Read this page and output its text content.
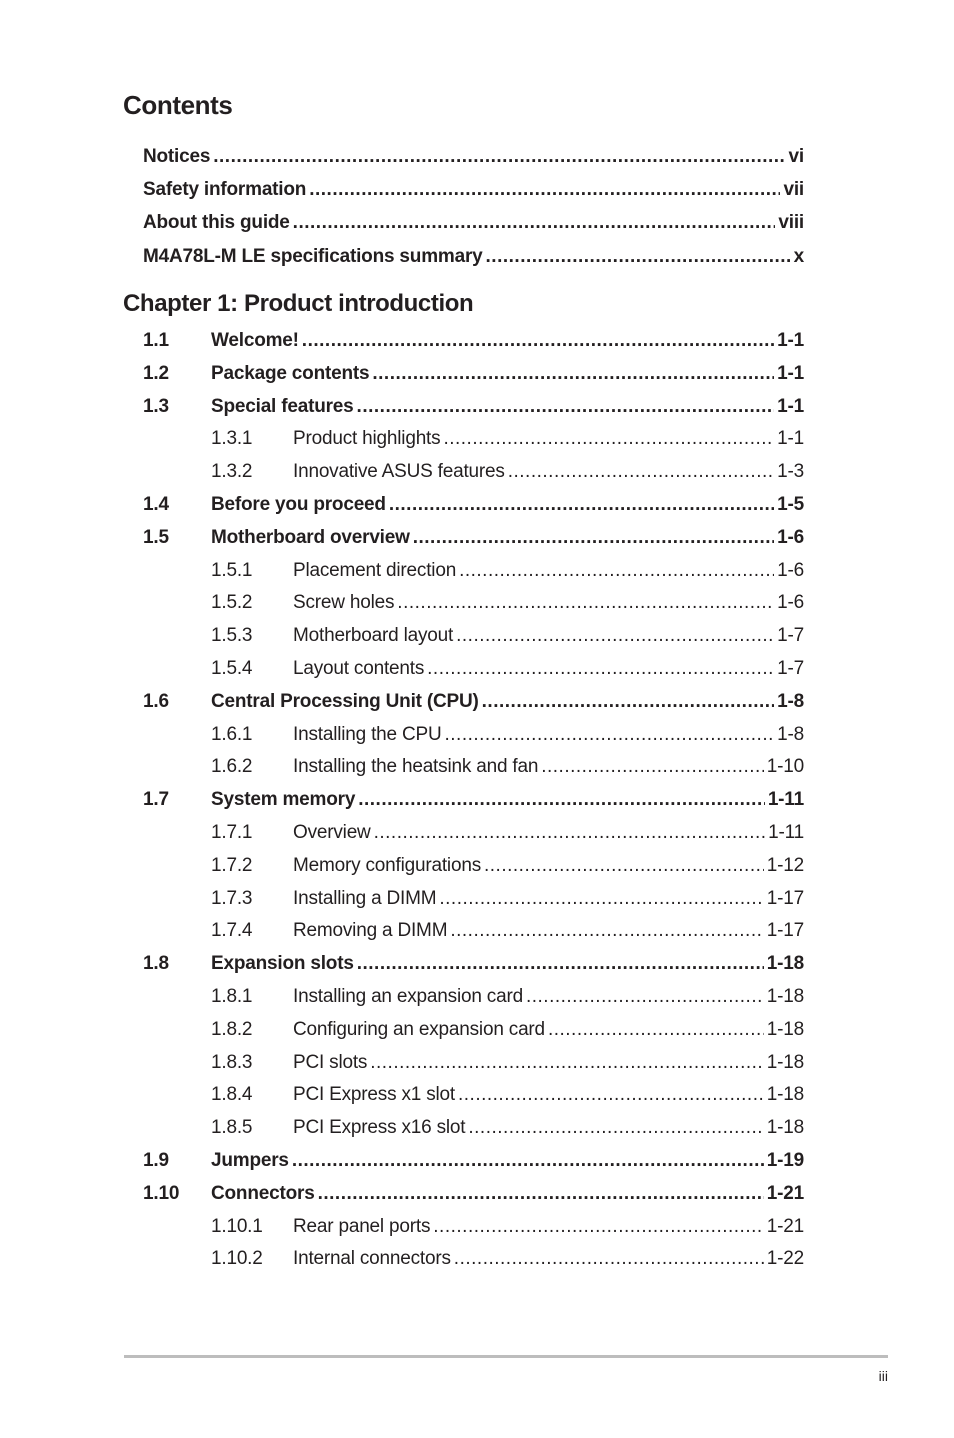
Contents
Notices .....	vi
Safety information .....	vii
About this guide .....	viii
M4A78L-M LE specifications summary .....	x
Chapter 1: Product introduction
1.1	Welcome! .....	1-1
1.2	Package contents .....	1-1
1.3	Special features .....	1-1
1.3.1	Product highlights .....	1-1
1.3.2	Innovative ASUS features .....	1-3
1.4	Before you proceed .....	1-5
1.5	Motherboard overview .....	1-6
1.5.1	Placement direction .....	1-6
1.5.2	Screw holes .....	1-6
1.5.3	Motherboard layout .....	1-7
1.5.4	Layout contents .....	1-7
1.6	Central Processing Unit (CPU) .....	1-8
1.6.1	Installing the CPU .....	1-8
1.6.2	Installing the heatsink and fan .....	1-10
1.7	System memory .....	1-11
1.7.1	Overview .....	1-11
1.7.2	Memory configurations .....	1-12
1.7.3	Installing a DIMM .....	1-17
1.7.4	Removing a DIMM .....	1-17
1.8	Expansion slots .....	1-18
1.8.1	Installing an expansion card .....	1-18
1.8.2	Configuring an expansion card .....	1-18
1.8.3	PCI slots .....	1-18
1.8.4	PCI Express x1 slot .....	1-18
1.8.5	PCI Express x16 slot .....	1-18
1.9	Jumpers .....	1-19
1.10	Connectors .....	1-21
1.10.1	Rear panel ports .....	1-21
1.10.2	Internal connectors .....	1-22
iii
